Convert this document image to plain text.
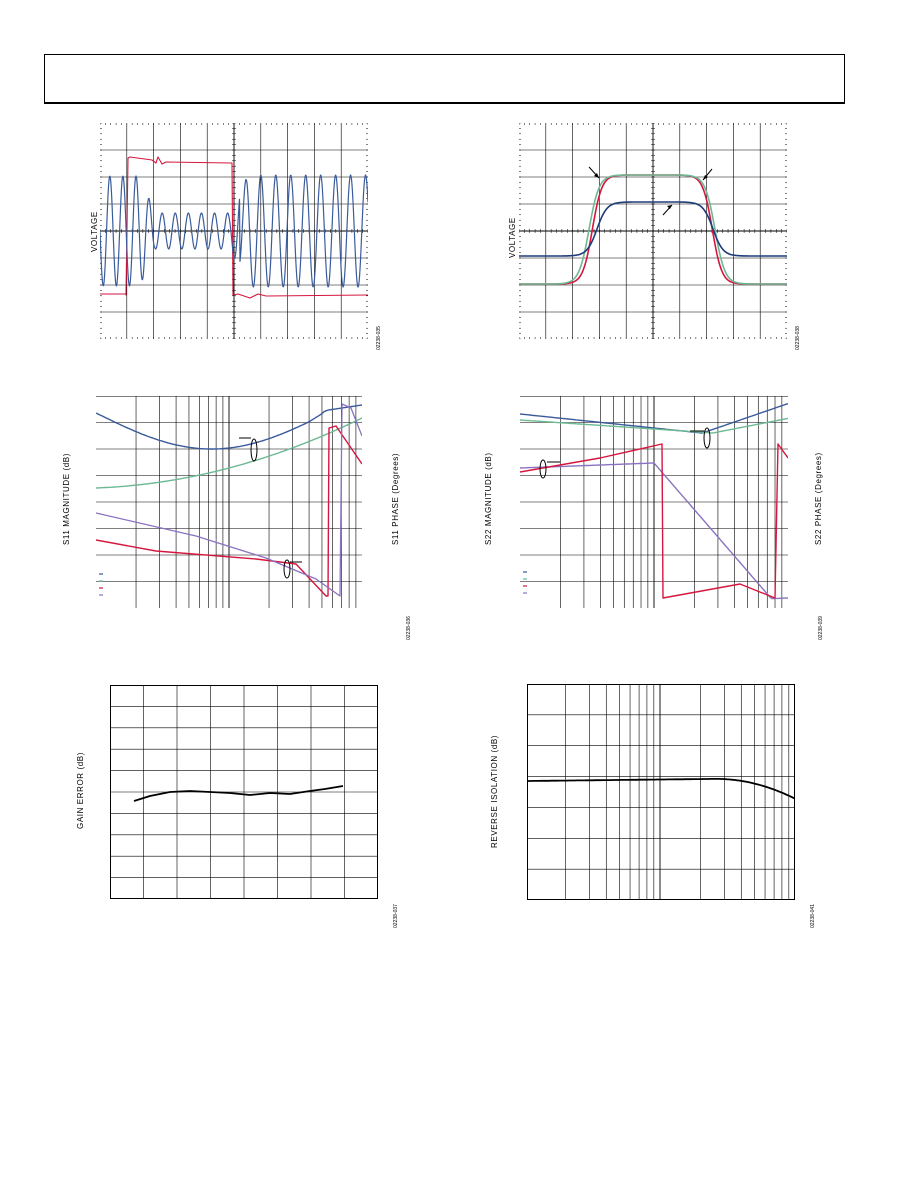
VOLTAGE
02238-035
VOLTAGE
02238-038
S11 MAGNITUDE (dB)	S11 PHASE (Degrees)
02238-036
S22 MAGNITUDE (dB)	S22 PHASE (Degrees)
02238-039
GAIN ERROR (dB)
02238-037
REVERSE ISOLATION (dB)
02238-041
